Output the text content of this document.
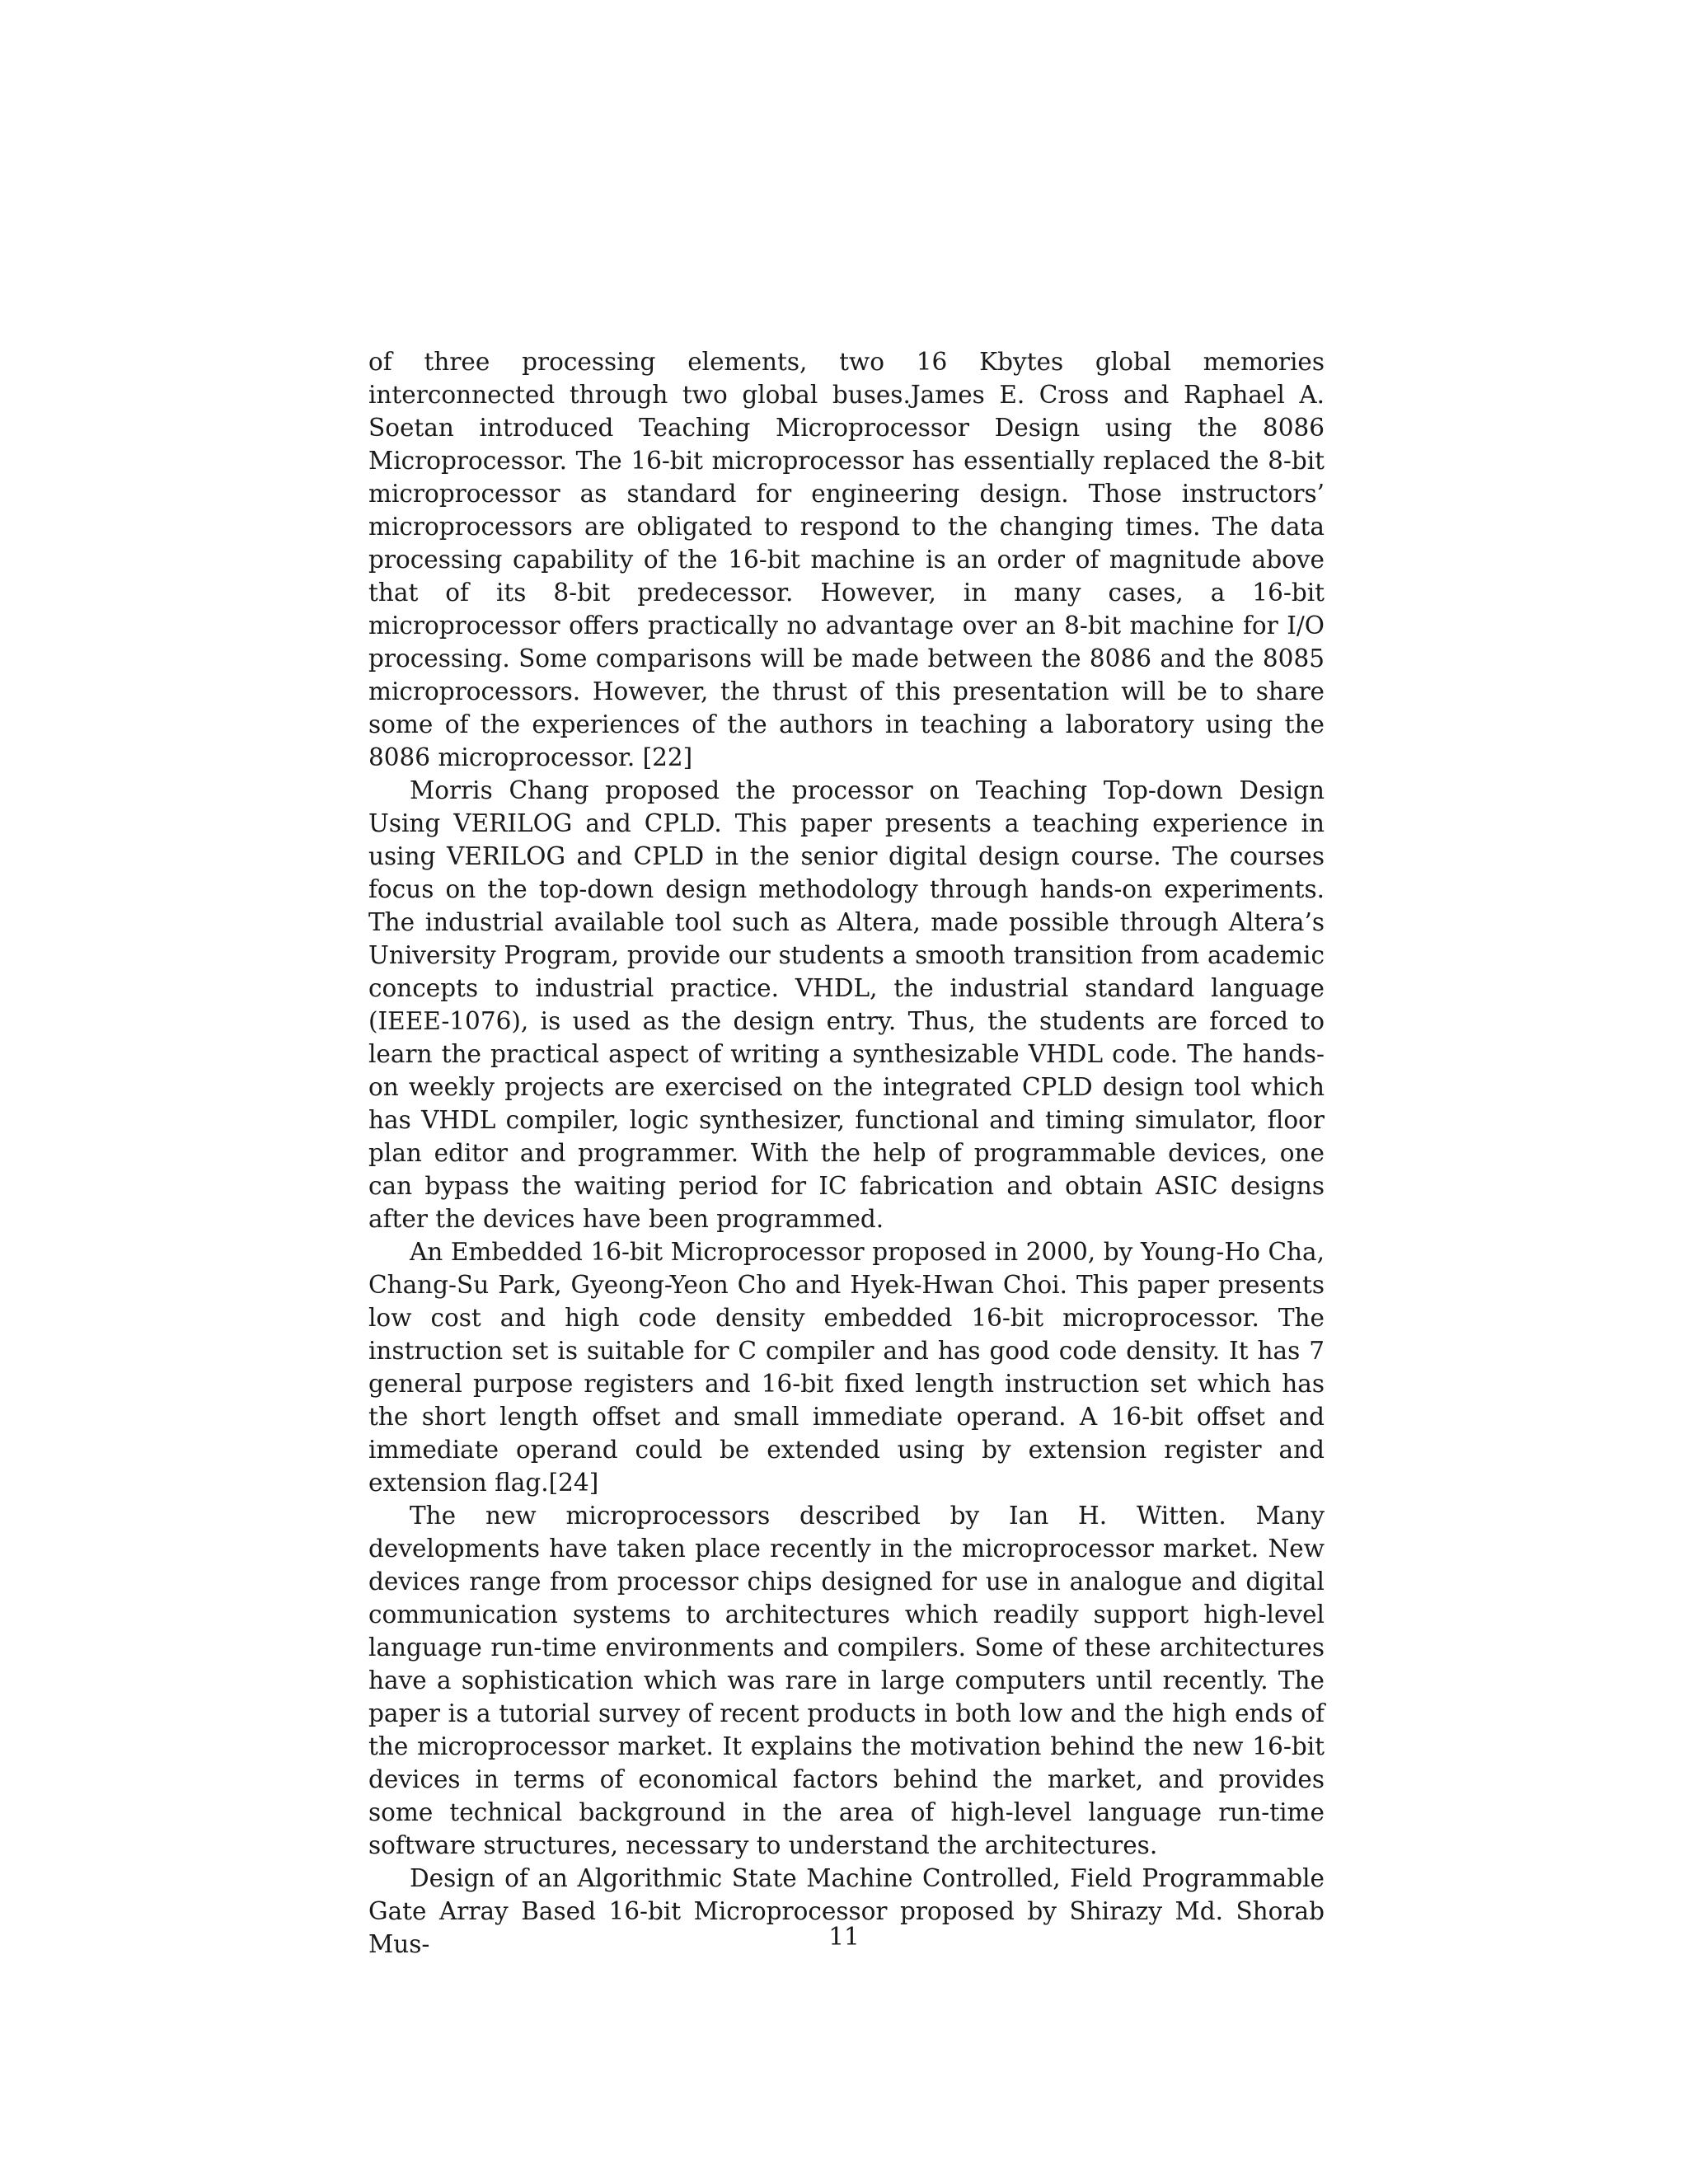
of three processing elements, two 16 Kbytes global memories interconnected through two global buses.James E. Cross and Raphael A. Soetan introduced Teaching Microprocessor Design using the 8086 Microprocessor. The 16-bit microprocessor has essentially replaced the 8-bit microprocessor as standard for engineering design. Those instructors’ microprocessors are obligated to respond to the changing times. The data processing capability of the 16-bit machine is an order of magnitude above that of its 8-bit predecessor. However, in many cases, a 16-bit microprocessor offers practically no advantage over an 8-bit machine for I/O processing. Some comparisons will be made between the 8086 and the 8085 microprocessors. However, the thrust of this presentation will be to share some of the experiences of the authors in teaching a laboratory using the 8086 microprocessor. [22]

Morris Chang proposed the processor on Teaching Top-down Design Using VERILOG and CPLD. This paper presents a teaching experience in using VERILOG and CPLD in the senior digital design course. The courses focus on the top-down design methodology through hands-on experiments. The industrial available tool such as Altera, made possible through Altera’s University Program, provide our students a smooth transition from academic concepts to industrial practice. VHDL, the industrial standard language (IEEE-1076), is used as the design entry. Thus, the students are forced to learn the practical aspect of writing a synthesizable VHDL code. The hands-on weekly projects are exercised on the integrated CPLD design tool which has VHDL compiler, logic synthesizer, functional and timing simulator, floor plan editor and programmer. With the help of programmable devices, one can bypass the waiting period for IC fabrication and obtain ASIC designs after the devices have been programmed.

An Embedded 16-bit Microprocessor proposed in 2000, by Young-Ho Cha, Chang-Su Park, Gyeong-Yeon Cho and Hyek-Hwan Choi. This paper presents low cost and high code density embedded 16-bit microprocessor. The instruction set is suitable for C compiler and has good code density. It has 7 general purpose registers and 16-bit fixed length instruction set which has the short length offset and small immediate operand. A 16-bit offset and immediate operand could be extended using by extension register and extension flag.[24]

The new microprocessors described by Ian H. Witten. Many developments have taken place recently in the microprocessor market. New devices range from processor chips designed for use in analogue and digital communication systems to architectures which readily support high-level language run-time environments and compilers. Some of these architectures have a sophistication which was rare in large computers until recently. The paper is a tutorial survey of recent products in both low and the high ends of the microprocessor market. It explains the motivation behind the new 16-bit devices in terms of economical factors behind the market, and provides some technical background in the area of high-level language run-time software structures, necessary to understand the architectures.

Design of an Algorithmic State Machine Controlled, Field Programmable Gate Array Based 16-bit Microprocessor proposed by Shirazy Md. Shorab Mus-	11
